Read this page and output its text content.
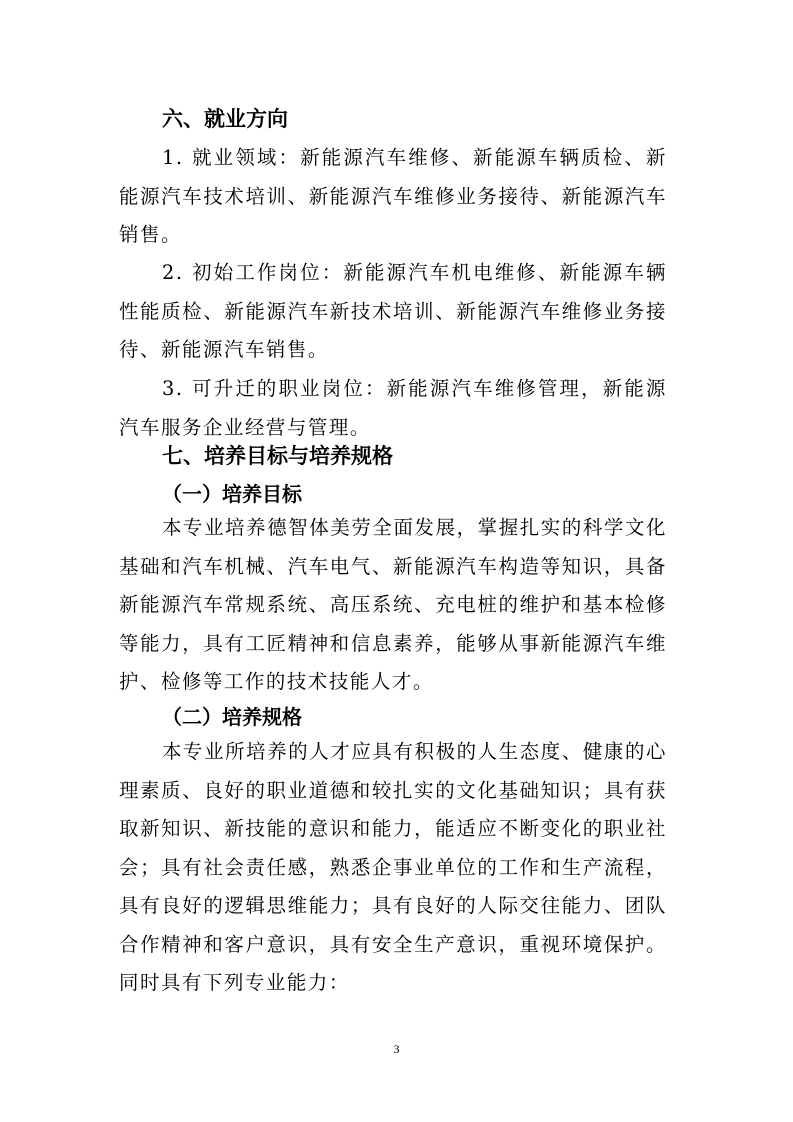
六、就业方向
1. 就业领域：新能源汽车维修、新能源车辆质检、新能源汽车技术培训、新能源汽车维修业务接待、新能源汽车销售。
2. 初始工作岗位：新能源汽车机电维修、新能源车辆性能质检、新能源汽车新技术培训、新能源汽车维修业务接待、新能源汽车销售。
3. 可升迁的职业岗位：新能源汽车维修管理，新能源汽车服务企业经营与管理。
七、培养目标与培养规格
（一）培养目标
本专业培养德智体美劳全面发展，掌握扎实的科学文化基础和汽车机械、汽车电气、新能源汽车构造等知识，具备新能源汽车常规系统、高压系统、充电桩的维护和基本检修等能力，具有工匠精神和信息素养，能够从事新能源汽车维护、检修等工作的技术技能人才。
（二）培养规格
本专业所培养的人才应具有积极的人生态度、健康的心理素质、良好的职业道德和较扎实的文化基础知识；具有获取新知识、新技能的意识和能力，能适应不断变化的职业社会；具有社会责任感，熟悉企事业单位的工作和生产流程，具有良好的逻辑思维能力；具有良好的人际交往能力、团队合作精神和客户意识，具有安全生产意识，重视环境保护。同时具有下列专业能力：
3
